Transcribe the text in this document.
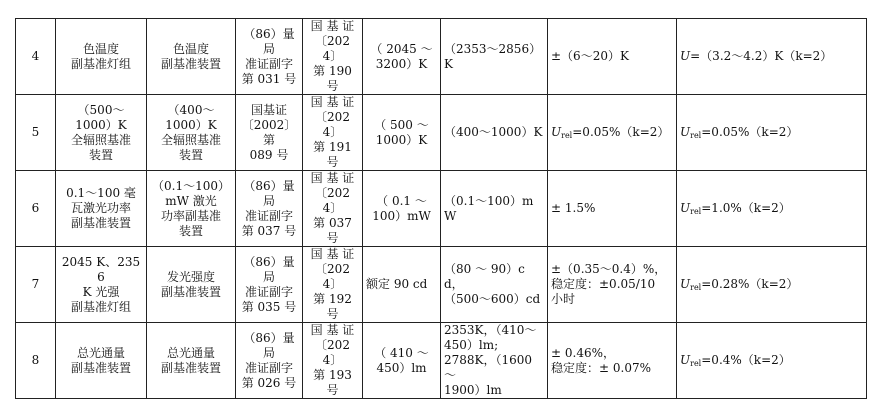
4	色温度
副基准灯组	色温度
副基准装置	（86）量局
准证副字
第 031 号	国 基 证
〔2024〕
第 190 号	（ 2045 ～
3200）K	（2353～2856）
K	±（6～20）K	U=（3.2～4.2）K（k=2）
5	（500～
1000）K
全辐照基准
装置	（400～
1000）K
全辐照基准
装置	国基证
〔2002〕第
089 号	国 基 证
〔2024〕
第 191 号	（ 500 ～
1000）K	（400～1000）K	$U_{rel}=0.05\%(k=2)$	$U_{rel}=0.05\%(k=2)$
6	0.1～100 毫
瓦激光功率
副基准装置	（0.1～100）
mW 激光
功率副基准
装置	（86）量局
准证副字
第 037 号	国 基 证
〔2024〕
第 037 号	（ 0.1 ～
100）mW	（0.1～100）mW	± 1.5%	$U_{rel}=1.0\%(k=2)$
7	2045 K、2356
K 光强
副基准灯组	发光强度
副基准装置	（86）量局
准证副字
第 035 号	国 基 证
〔2024〕
第 192 号	额定 90 cd	（80 ～ 90）cd，
（500～600）cd	±（0.35～0.4）%，
稳定度：±0.05/10
小时	$U_{rel}=0.28\%(k=2)$
8	总光通量
副基准装置	总光通量
副基准装置	（86）量局
准证副字
第 026 号	国 基 证
〔2024〕
第 193 号	（ 410 ～
450）lm	2353K，（410～
450）lm;
2788K，（1600～
1900）lm	± 0.46%，
稳定度：± 0.07%	$U_{rel}=0.4\%(k=2)$
